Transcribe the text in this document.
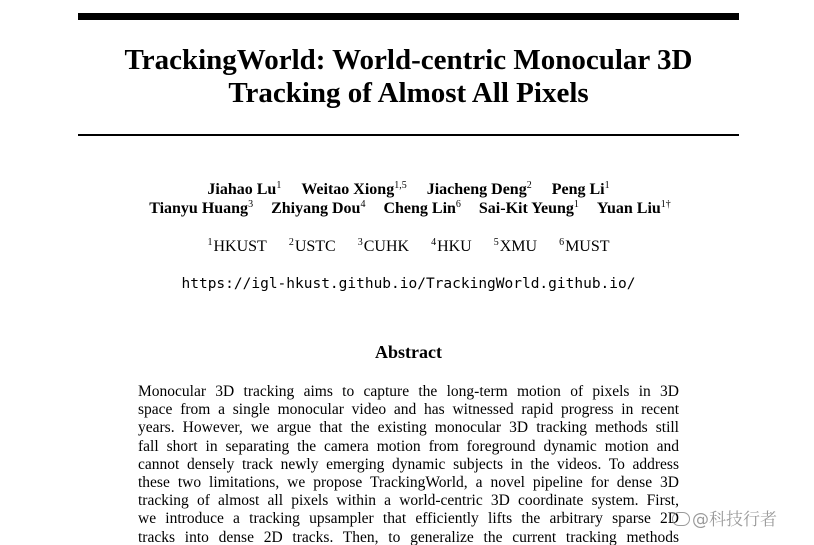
TrackingWorld: World-centric Monocular 3D
Tracking of Almost All Pixels
Jiahao Lu$^1$ Weitao Xiong$^{1,5}$ Jiacheng Deng$^2$ Peng Li$^1$
Tianyu Huang$^3$ Zhiyang Dou$^4$ Cheng Lin$^6$ Sai-Kit Yeung$^1$ Yuan Liu$^{1\dagger}$
$^1$HKUST $^2$USTC $^3$CUHK $^4$HKU $^5$XMU $^6$MUST
https://igl-hkust.github.io/TrackingWorld.github.io/
Abstract
Monocular 3D tracking aims to capture the long-term motion of pixels in 3D
space from a single monocular video and has witnessed rapid progress in recent
years. However, we argue that the existing monocular 3D tracking methods still
fall short in separating the camera motion from foreground dynamic motion and
cannot densely track newly emerging dynamic subjects in the videos. To address
these two limitations, we propose TrackingWorld, a novel pipeline for dense 3D
tracking of almost all pixels within a world-centric 3D coordinate system. First,
we introduce a tracking upsampler that efficiently lifts the arbitrary sparse 2D
tracks into dense 2D tracks. Then, to generalize the current tracking methods
@科技行者
